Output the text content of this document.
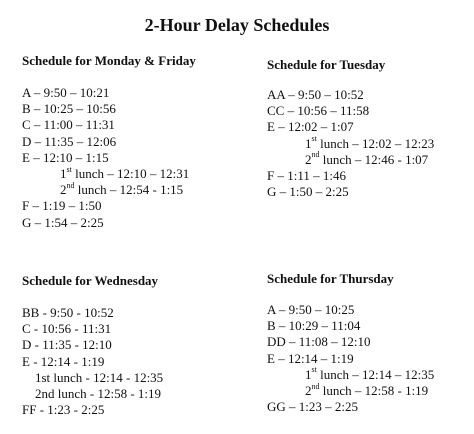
2-Hour Delay Schedules
Schedule for Monday & Friday
A – 9:50 – 10:21
B – 10:25 – 10:56
C – 11:00 – 11:31
D – 11:35 – 12:06
E – 12:10 – 1:15
1st lunch – 12:10 – 12:31
2nd lunch – 12:54 - 1:15
F – 1:19 – 1:50
G – 1:54 – 2:25
Schedule for Tuesday
AA – 9:50 – 10:52
CC – 10:56 – 11:58
E – 12:02 – 1:07
1st lunch – 12:02 – 12:23
2nd lunch – 12:46 - 1:07
F – 1:11 – 1:46
G – 1:50 – 2:25
Schedule for Wednesday
BB - 9:50 - 10:52
C - 10:56 - 11:31
D - 11:35 - 12:10
E - 12:14 - 1:19
1st lunch - 12:14 - 12:35
2nd lunch - 12:58 - 1:19
FF - 1:23 - 2:25
Schedule for Thursday
A – 9:50 – 10:25
B – 10:29 – 11:04
DD – 11:08 – 12:10
E – 12:14 – 1:19
1st lunch – 12:14 – 12:35
2nd lunch – 12:58 - 1:19
GG – 1:23 – 2:25
